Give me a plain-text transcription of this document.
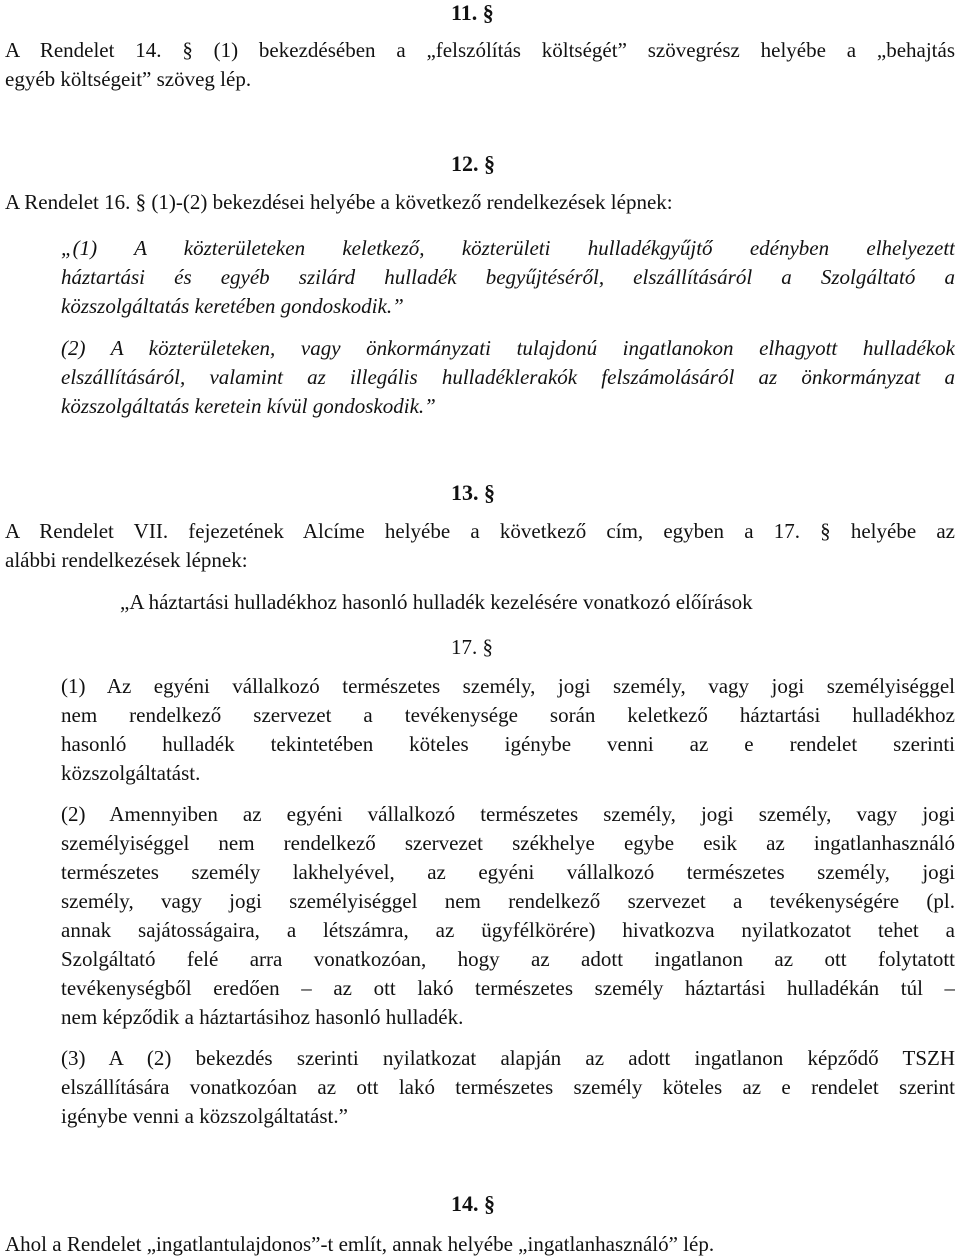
11. §
A Rendelet 14. § (1) bekezdésében a „felszólítás költségét” szövegrész helyébe a „behajtás
egyéb költségeit” szöveg lép.
12. §
A Rendelet 16. § (1)-(2) bekezdései helyébe a következő rendelkezések lépnek:
„(1) A közterületeken keletkező, közterületi hulladékgyűjtő edényben elhelyezett
háztartási és egyéb szilárd hulladék begyűjtéséről, elszállításáról a Szolgáltató a
közszolgáltatás keretében gondoskodik.”
(2) A közterületeken, vagy önkormányzati tulajdonú ingatlanokon elhagyott hulladékok
elszállításáról, valamint az illegális hulladéklerakók felszámolásáról az önkormányzat a
közszolgáltatás keretein kívül gondoskodik.”
13. §
A Rendelet VII. fejezetének Alcíme helyébe a következő cím, egyben a 17. § helyébe az
alábbi rendelkezések lépnek:
„A háztartási hulladékhoz hasonló hulladék kezelésére vonatkozó előírások
17. §
(1) Az egyéni vállalkozó természetes személy, jogi személy, vagy jogi személyiséggel
nem rendelkező szervezet a tevékenysége során keletkező háztartási hulladékhoz
hasonló hulladék tekintetében köteles igénybe venni az e rendelet szerinti
közszolgáltatást.
(2) Amennyiben az egyéni vállalkozó természetes személy, jogi személy, vagy jogi
személyiséggel nem rendelkező szervezet székhelye egybe esik az ingatlanhasználó
természetes személy lakhelyével, az egyéni vállalkozó természetes személy, jogi
személy, vagy jogi személyiséggel nem rendelkező szervezet a tevékenységére (pl.
annak sajátosságaira, a létszámra, az ügyfélkörére) hivatkozva nyilatkozatot tehet a
Szolgáltató felé arra vonatkozóan, hogy az adott ingatlanon az ott folytatott
tevékenységből eredően – az ott lakó természetes személy háztartási hulladékán túl –
nem képződik a háztartásihoz hasonló hulladék.
(3) A (2) bekezdés szerinti nyilatkozat alapján az adott ingatlanon képződő TSZH
elszállítására vonatkozóan az ott lakó természetes személy köteles az e rendelet szerint
igénybe venni a közszolgáltatást.”
14. §
Ahol a Rendelet „ingatlantulajdonos”-t említ, annak helyébe „ingatlanhasználó” lép.
